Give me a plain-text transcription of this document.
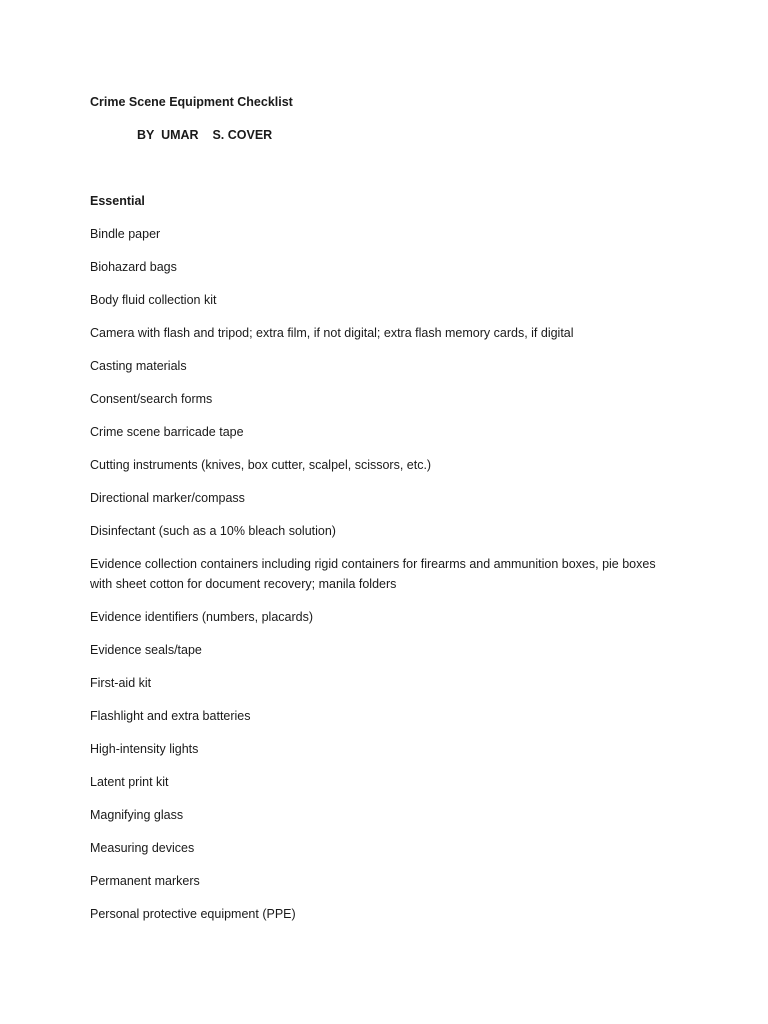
Crime Scene Equipment Checklist

BY  UMAR    S. COVER

Essential

Bindle paper
Biohazard bags
Body fluid collection kit
Camera with flash and tripod; extra film, if not digital; extra flash memory cards, if digital
Casting materials
Consent/search forms
Crime scene barricade tape
Cutting instruments (knives, box cutter, scalpel, scissors, etc.)
Directional marker/compass
Disinfectant (such as a 10% bleach solution)
Evidence collection containers including rigid containers for firearms and ammunition boxes, pie boxes with sheet cotton for document recovery; manila folders
Evidence identifiers (numbers, placards)
Evidence seals/tape
First-aid kit
Flashlight and extra batteries
High-intensity lights
Latent print kit
Magnifying glass
Measuring devices
Permanent markers
Personal protective equipment (PPE)
